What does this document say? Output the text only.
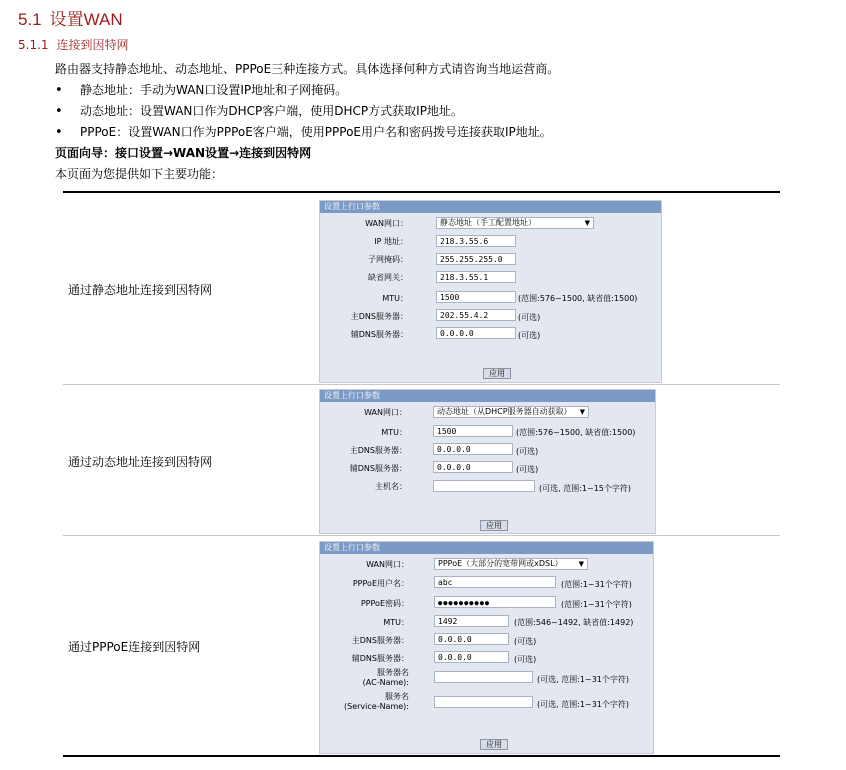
5.1 设置WAN
5.1.1 连接到因特网
路由器支持静态地址、动态地址、PPPoE三种连接方式。具体选择何种方式请咨询当地运营商。
• 静态地址：手动为WAN口设置IP地址和子网掩码。
• 动态地址：设置WAN口作为DHCP客户端，使用DHCP方式获取IP地址。
• PPPoE：设置WAN口作为PPPoE客户端，使用PPPoE用户名和密码拨号连接获取IP地址。
页面向导：接口设置→WAN设置→连接到因特网
本页面为您提供如下主要功能：
通过静态地址连接到因特网
设置上行口参数
WAN网口：	静态地址（手工配置地址）	▼
IP 地址：	218.3.55.6
子网掩码：	255.255.255.0
缺省网关：	218.3.55.1
MTU：	1500	(范围:576~1500, 缺省值:1500)
主DNS服务器：	202.55.4.2	(可选)
辅DNS服务器：	0.0.0.0	(可选)
应用
通过动态地址连接到因特网
设置上行口参数
WAN网口：	动态地址（从DHCP服务器自动获取） ▼
MTU：	1500	(范围:576~1500, 缺省值:1500)
主DNS服务器：	0.0.0.0	(可选)
辅DNS服务器：	0.0.0.0	(可选)
主机名：	(可选, 范围:1~15个字符)
应用
通过PPPoE连接到因特网
设置上行口参数
WAN网口：	PPPoE（大部分的宽带网或xDSL） ▼
PPPoE用户名：	abc	(范围:1~31个字符)
PPPoE密码：	●●●●●●●●●●	(范围:1~31个字符)
MTU：	1492	(范围:546~1492, 缺省值:1492)
主DNS服务器：	0.0.0.0	(可选)
辅DNS服务器：	0.0.0.0	(可选)
服务器名
(AC-Name):	(可选, 范围:1~31个字符)
服务名
(Service-Name):	(可选, 范围:1~31个字符)
应用
